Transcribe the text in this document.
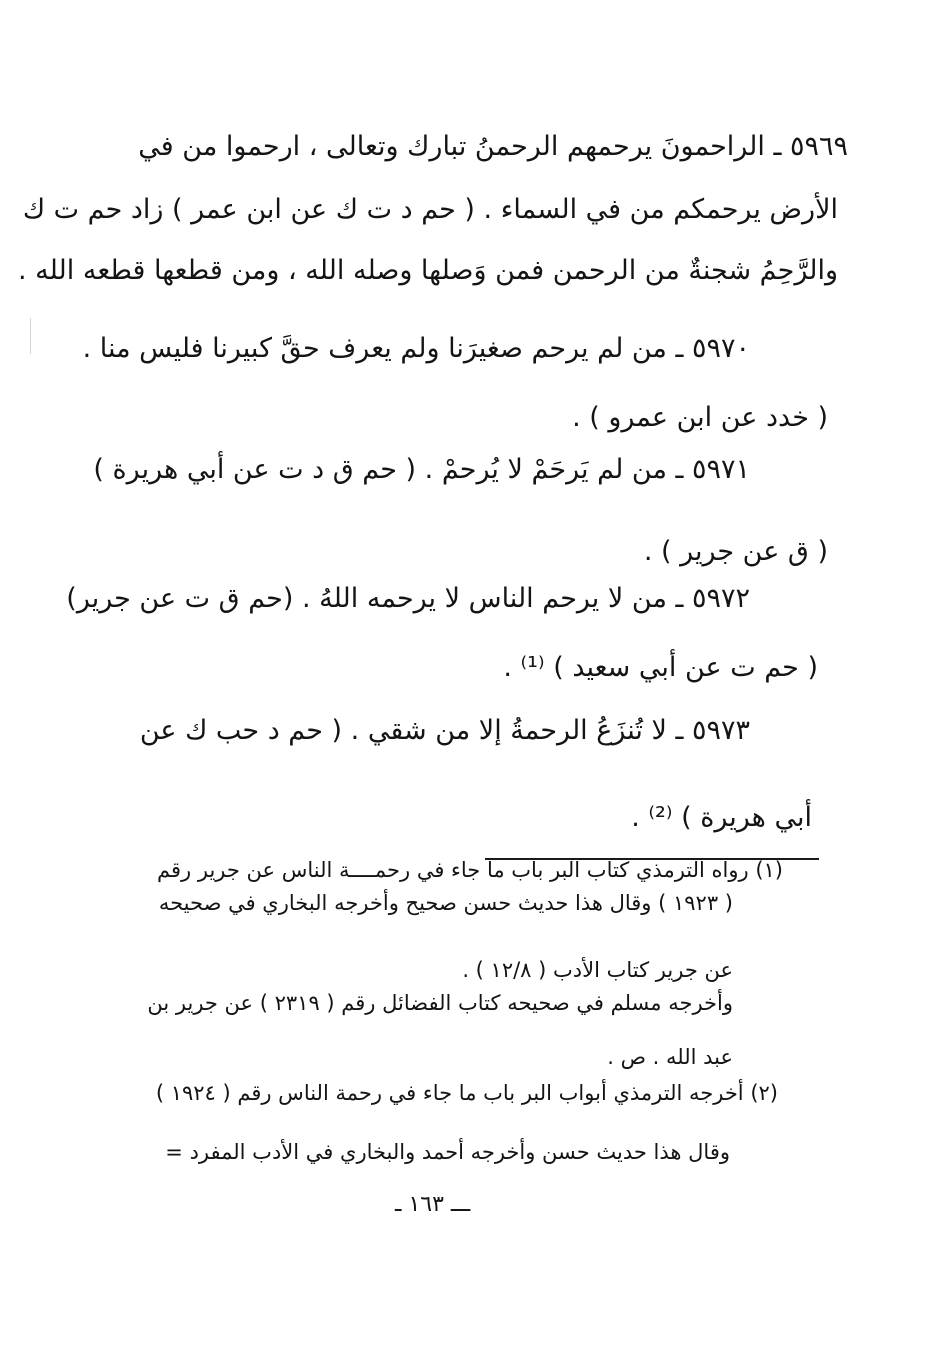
٥٩٦٩ ـ الراحمونَ يرحمهم الرحمنُ تبارك وتعالى ، ارحموا من في
الأرض يرحمكم من في السماء . ( حم د ت ك عن ابن عمر ) زاد حم ت ك
والرَّحِمُ شجنةٌ من الرحمن فمن وَصلها وصله الله ، ومن قطعها قطعه الله .
٥٩٧٠ ـ من لم يرحم صغيرَنا ولم يعرف حقَّ كبيرنا فليس منا .
( خدد عن ابن عمرو ) .
٥٩٧١ ـ من لم يَرحَمْ لا يُرحمْ . ( حم ق د ت عن أبي هريرة )
( ق عن جرير ) .
٥٩٧٢ ـ من لا يرحم الناس لا يرحمه اللهُ . (حم ق ت عن جرير)
( حم ت عن أبي سعيد ) ⁽¹⁾ .
٥٩٧٣ ـ لا تُنزَعُ الرحمةُ إلا من شقي . ( حم د حب ك عن
أبي هريرة ) ⁽²⁾ .
(١) رواه الترمذي كتاب البر باب ما جاء في رحمــــة الناس عن جرير رقم
( ١٩٢٣ ) وقال هذا حديث حسن صحيح وأخرجه البخاري في صحيحه
عن جرير كتاب الأدب ( ١٢/٨ ) .
وأخرجه مسلم في صحيحه كتاب الفضائل رقم ( ٢٣١٩ ) عن جرير بن
عبد الله . ص .
(٢) أخرجه الترمذي أبواب البر باب ما جاء في رحمة الناس رقم ( ١٩٢٤ )
وقال هذا حديث حسن وأخرجه أحمد والبخاري في الأدب المفرد =
ـــ ١٦٣ ـ
